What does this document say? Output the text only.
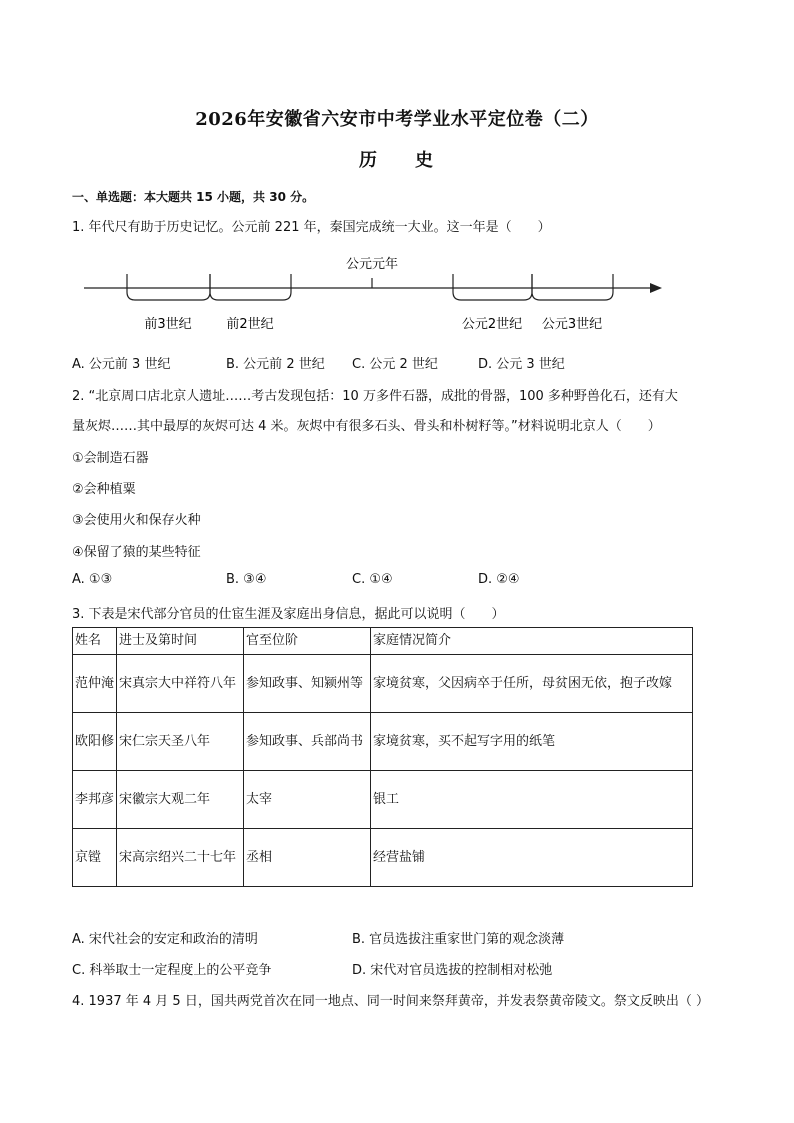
2026年安徽省六安市中考学业水平定位卷（二）
历 史
一、单选题：本大题共 15 小题，共 30 分。
1. 年代尺有助于历史记忆。公元前 221 年，秦国完成统一大业。这一年是（　　）
公元元年
前3世纪	前2世纪	公元2世纪 公元3世纪
A. 公元前 3 世纪	B. 公元前 2 世纪 C. 公元 2 世纪	D. 公元 3 世纪
2. “北京周口店北京人遗址……考古发现包括：10 万多件石器，成批的骨器，100 多种野兽化石，还有大
量灰烬……其中最厚的灰烬可达 4 米。灰烬中有很多石头、骨头和朴树籽等。”材料说明北京人（　　）
①会制造石器
②会种植粟
③会使用火和保存火种
④保留了猿的某些特征
A. ①③	B. ③④	C. ①④	D. ②④
3. 下表是宋代部分官员的仕宦生涯及家庭出身信息，据此可以说明（　　）
姓名	进士及第时间	官至位阶	家庭情况简介
范仲淹	宋真宗大中祥符八年	参知政事、知颍州等	家境贫寒，父因病卒于任所，母贫困无依，抱子改嫁
欧阳修	宋仁宗天圣八年	参知政事、兵部尚书	家境贫寒，买不起写字用的纸笔
李邦彦	宋徽宗大观二年	太宰	银工
京镗	宋高宗绍兴二十七年	丞相	经营盐铺
A. 宋代社会的安定和政治的清明	B. 官员选拔注重家世门第的观念淡薄
C. 科举取士一定程度上的公平竞争	D. 宋代对官员选拔的控制相对松弛
4. 1937 年 4 月 5 日，国共两党首次在同一地点、同一时间来祭拜黄帝，并发表祭黄帝陵文。祭文反映出（ ）
